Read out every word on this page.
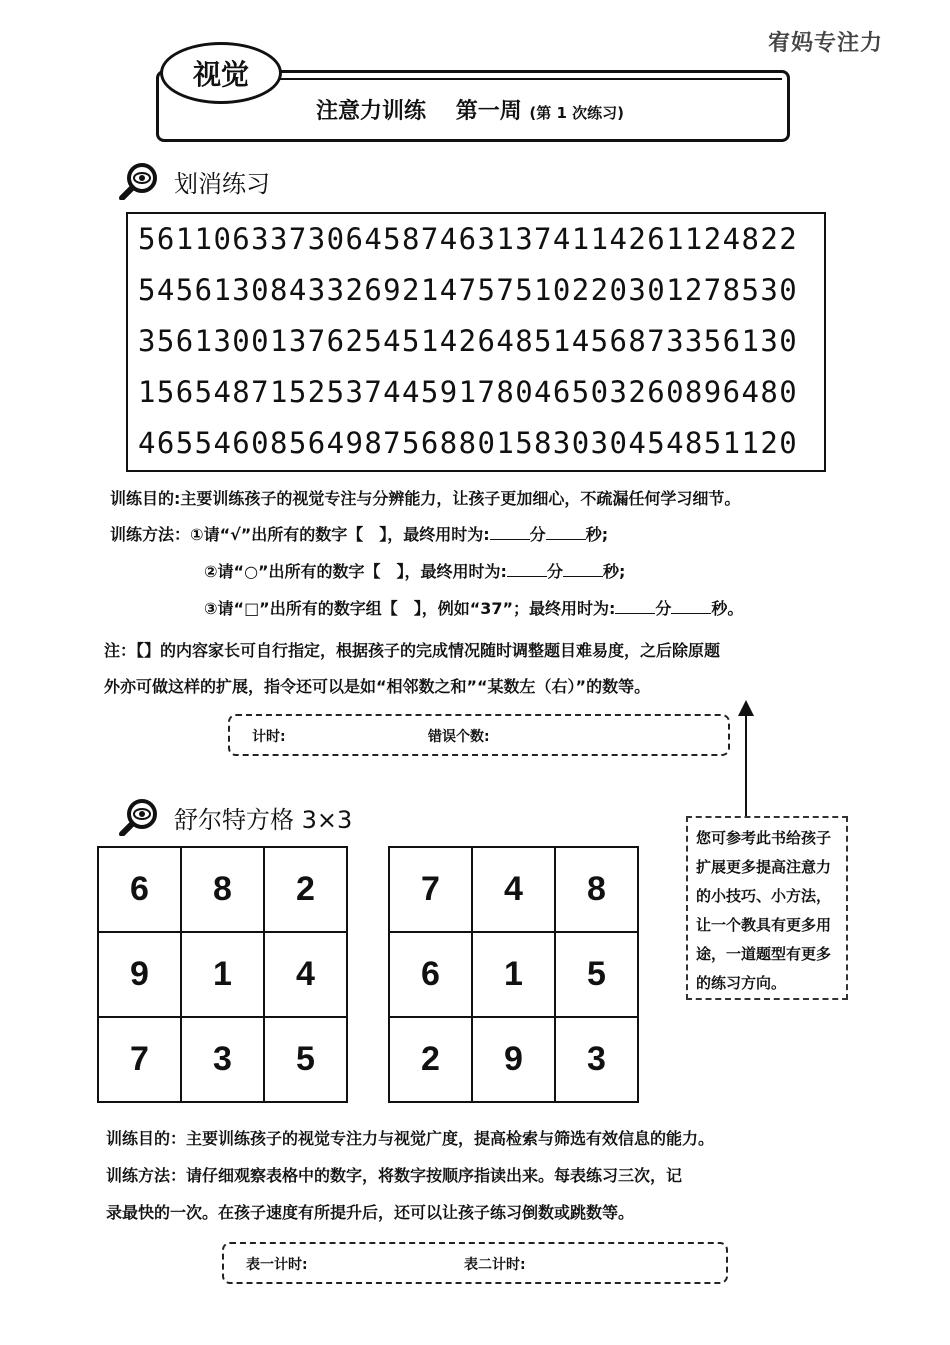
宥妈专注力
视觉
注意力训练　 第一周 (第 1 次练习)
划消练习
56110633730645874631374114261124822
54561308433269214757510220301278530
35613001376254514264851456873356130
15654871525374459178046503260896480
46554608564987568801583030454851120
训练目的:主要训练孩子的视觉专注与分辨能力，让孩子更加细心，不疏漏任何学习细节。
训练方法：①请“√”出所有的数字【　】，最终用时为:	分	秒;
②请“○”出所有的数字【　】，最终用时为:	分	秒;
③请“□”出所有的数字组【　】，例如“37”；最终用时为:	分	秒。
注：【】的内容家长可自行指定，根据孩子的完成情况随时调整题目难易度，之后除原题
外亦可做这样的扩展，指令还可以是如“相邻数之和”“某数左（右）”的数等。
计时:	错误个数:
您可参考此书给孩子扩展更多提高注意力的小技巧、小方法，让一个教具有更多用途，一道题型有更多的练习方向。
舒尔特方格 3×3
6	8	2
9	1	4
7	3	5
7	4	8
6	1	5
2	9	3
训练目的：主要训练孩子的视觉专注力与视觉广度，提高检索与筛选有效信息的能力。
训练方法：请仔细观察表格中的数字，将数字按顺序指读出来。每表练习三次，记
录最快的一次。在孩子速度有所提升后，还可以让孩子练习倒数或跳数等。
表一计时:	表二计时:
